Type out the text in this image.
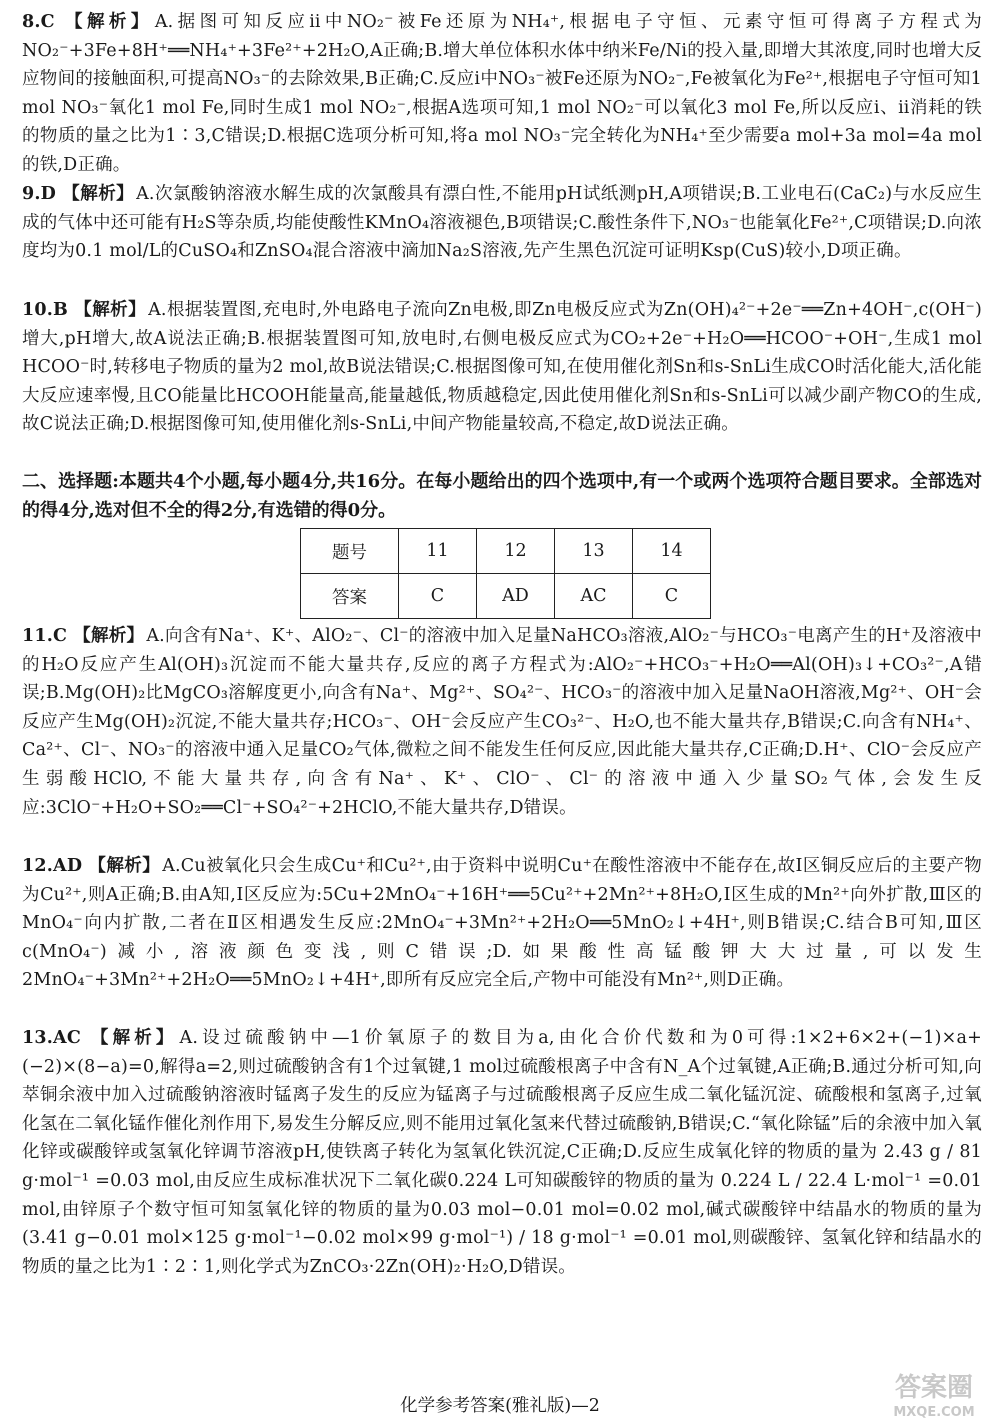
8.C 【解析】 A.据图可知反应ⅱ中NO₂⁻被Fe还原为NH₄⁺,根据电子守恒、元素守恒可得离子方程式为NO₂⁻+3Fe+8H⁺══NH₄⁺+3Fe²⁺+2H₂O,A正确;B.增大单位体积水体中纳米Fe/Ni的投入量,即增大其浓度,同时也增大反应物间的接触面积,可提高NO₃⁻的去除效果,B正确;C.反应ⅰ中NO₃⁻被Fe还原为NO₂⁻,Fe被氧化为Fe²⁺,根据电子守恒可知1 mol NO₃⁻氧化1 mol Fe,同时生成1 mol NO₂⁻,根据A选项可知,1 mol NO₂⁻可以氧化3 mol Fe,所以反应ⅰ、ⅱ消耗的铁的物质的量之比为1∶3,C错误;D.根据C选项分析可知,将a mol NO₃⁻完全转化为NH₄⁺至少需要a mol+3a mol=4a mol的铁,D正确。
9.D 【解析】 A.次氯酸钠溶液水解生成的次氯酸具有漂白性,不能用pH试纸测pH,A项错误;B.工业电石(CaC₂)与水反应生成的气体中还可能有H₂S等杂质,均能使酸性KMnO₄溶液褪色,B项错误;C.酸性条件下,NO₃⁻也能氧化Fe²⁺,C项错误;D.向浓度均为0.1 mol/L的CuSO₄和ZnSO₄混合溶液中滴加Na₂S溶液,先产生黑色沉淀可证明Ksp(CuS)较小,D项正确。
10.B 【解析】 A.根据装置图,充电时,外电路电子流向Zn电极,即Zn电极反应式为Zn(OH)₄²⁻+2e⁻══Zn+4OH⁻,c(OH⁻)增大,pH增大,故A说法正确;B.根据装置图可知,放电时,右侧电极反应式为CO₂+2e⁻+H₂O══HCOO⁻+OH⁻,生成1 mol HCOO⁻时,转移电子物质的量为2 mol,故B说法错误;C.根据图像可知,在使用催化剂Sn和s-SnLi生成CO时活化能大,活化能大反应速率慢,且CO能量比HCOOH能量高,能量越低,物质越稳定,因此使用催化剂Sn和s-SnLi可以减少副产物CO的生成,故C说法正确;D.根据图像可知,使用催化剂s-SnLi,中间产物能量较高,不稳定,故D说法正确。
二、选择题:本题共4个小题,每小题4分,共16分。在每小题给出的四个选项中,有一个或两个选项符合题目要求。全部选对的得4分,选对但不全的得2分,有选错的得0分。
题号	11	12	13	14
答案	C	AD	AC	C
11.C 【解析】 A.向含有Na⁺、K⁺、AlO₂⁻、Cl⁻的溶液中加入足量NaHCO₃溶液,AlO₂⁻与HCO₃⁻电离产生的H⁺及溶液中的H₂O反应产生Al(OH)₃沉淀而不能大量共存,反应的离子方程式为:AlO₂⁻+HCO₃⁻+H₂O══Al(OH)₃↓+CO₃²⁻,A错误;B.Mg(OH)₂比MgCO₃溶解度更小,向含有Na⁺、Mg²⁺、SO₄²⁻、HCO₃⁻的溶液中加入足量NaOH溶液,Mg²⁺、OH⁻会反应产生Mg(OH)₂沉淀,不能大量共存;HCO₃⁻、OH⁻会反应产生CO₃²⁻、H₂O,也不能大量共存,B错误;C.向含有NH₄⁺、Ca²⁺、Cl⁻、NO₃⁻的溶液中通入足量CO₂气体,微粒之间不能发生任何反应,因此能大量共存,C正确;D.H⁺、ClO⁻会反应产生弱酸HClO,不能大量共存,向含有Na⁺、K⁺、ClO⁻、Cl⁻的溶液中通入少量SO₂气体,会发生反应:3ClO⁻+H₂O+SO₂══Cl⁻+SO₄²⁻+2HClO,不能大量共存,D错误。
12.AD 【解析】 A.Cu被氧化只会生成Cu⁺和Cu²⁺,由于资料中说明Cu⁺在酸性溶液中不能存在,故Ⅰ区铜反应后的主要产物为Cu²⁺,则A正确;B.由A知,Ⅰ区反应为:5Cu+2MnO₄⁻+16H⁺══5Cu²⁺+2Mn²⁺+8H₂O,Ⅰ区生成的Mn²⁺向外扩散,Ⅲ区的MnO₄⁻向内扩散,二者在Ⅱ区相遇发生反应:2MnO₄⁻+3Mn²⁺+2H₂O══5MnO₂↓+4H⁺,则B错误;C.结合B可知,Ⅲ区c(MnO₄⁻)减小,溶液颜色变浅,则C错误;D.如果酸性高锰酸钾大大过量,可以发生2MnO₄⁻+3Mn²⁺+2H₂O══5MnO₂↓+4H⁺,即所有反应完全后,产物中可能没有Mn²⁺,则D正确。
13.AC 【解析】 A.设过硫酸钠中—1价氧原子的数目为a,由化合价代数和为0可得:1×2+6×2+(−1)×a+(−2)×(8−a)=0,解得a=2,则过硫酸钠含有1个过氧键,1 mol过硫酸根离子中含有N_A个过氧键,A正确;B.通过分析可知,向萃铜余液中加入过硫酸钠溶液时锰离子发生的反应为锰离子与过硫酸根离子反应生成二氧化锰沉淀、硫酸根和氢离子,过氧化氢在二氧化锰作催化剂作用下,易发生分解反应,则不能用过氧化氢来代替过硫酸钠,B错误;C.“氧化除锰”后的余液中加入氧化锌或碳酸锌或氢氧化锌调节溶液pH,使铁离子转化为氢氧化铁沉淀,C正确;D.反应生成氧化锌的物质的量为 2.43 g / 81 g·mol⁻¹ =0.03 mol,由反应生成标准状况下二氧化碳0.224 L可知碳酸锌的物质的量为 0.224 L / 22.4 L·mol⁻¹ =0.01 mol,由锌原子个数守恒可知氢氧化锌的物质的量为0.03 mol−0.01 mol=0.02 mol,碱式碳酸锌中结晶水的物质的量为 (3.41 g−0.01 mol×125 g·mol⁻¹−0.02 mol×99 g·mol⁻¹) / 18 g·mol⁻¹ =0.01 mol,则碳酸锌、氢氧化锌和结晶水的物质的量之比为1∶2∶1,则化学式为ZnCO₃·2Zn(OH)₂·H₂O,D错误。
化学参考答案(雅礼版)—2
答案圈
MXQE.COM
